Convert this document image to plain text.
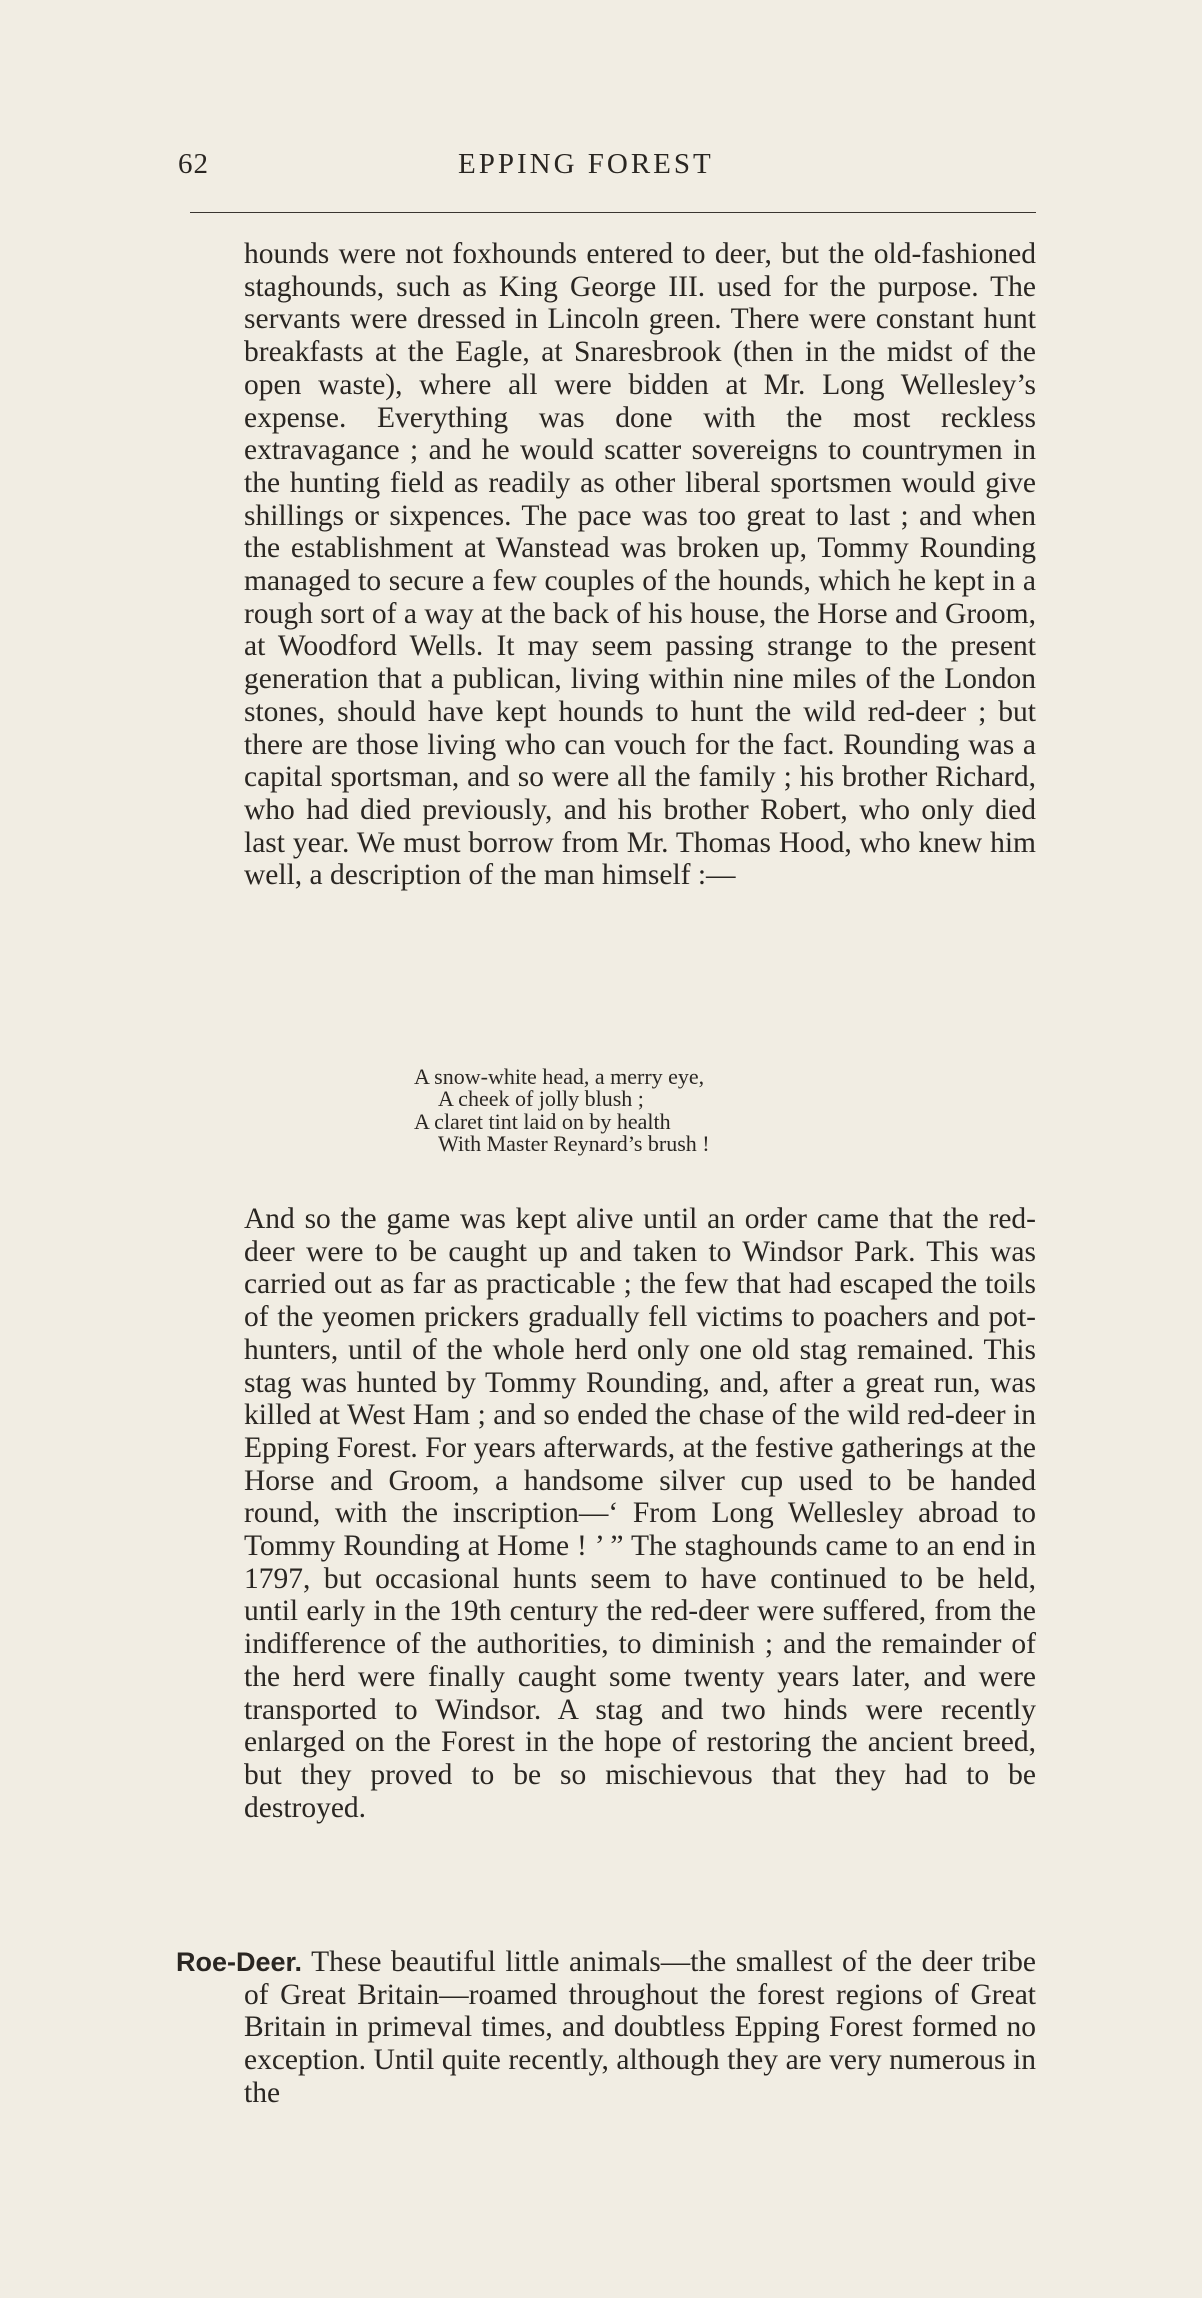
62	EPPING FOREST

hounds were not foxhounds entered to deer, but the old-fashioned staghounds, such as King George III. used for the purpose. The servants were dressed in Lincoln green. There were constant hunt breakfasts at the Eagle, at Snaresbrook (then in the midst of the open waste), where all were bidden at Mr. Long Wellesley’s expense. Everything was done with the most reckless extravagance ; and he would scatter sovereigns to countrymen in the hunting field as readily as other liberal sportsmen would give shillings or sixpences. The pace was too great to last ; and when the establishment at Wanstead was broken up, Tommy Rounding managed to secure a few couples of the hounds, which he kept in a rough sort of a way at the back of his house, the Horse and Groom, at Woodford Wells. It may seem passing strange to the present generation that a publican, living within nine miles of the London stones, should have kept hounds to hunt the wild red-deer ; but there are those living who can vouch for the fact. Rounding was a capital sportsman, and so were all the family ; his brother Richard, who had died previously, and his brother Robert, who only died last year. We must borrow from Mr. Thomas Hood, who knew him well, a description of the man himself :—

A snow-white head, a merry eye,
A cheek of jolly blush ;
A claret tint laid on by health
With Master Reynard’s brush !

And so the game was kept alive until an order came that the red-deer were to be caught up and taken to Windsor Park. This was carried out as far as practicable ; the few that had escaped the toils of the yeomen prickers gradually fell victims to poachers and pot-hunters, until of the whole herd only one old stag remained. This stag was hunted by Tommy Rounding, and, after a great run, was killed at West Ham ; and so ended the chase of the wild red-deer in Epping Forest. For years afterwards, at the festive gatherings at the Horse and Groom, a handsome silver cup used to be handed round, with the inscription—‘ From Long Wellesley abroad to Tommy Rounding at Home ! ’ ” The staghounds came to an end in 1797, but occasional hunts seem to have continued to be held, until early in the 19th century the red-deer were suffered, from the indifference of the authorities, to diminish ; and the remainder of the herd were finally caught some twenty years later, and were transported to Windsor. A stag and two hinds were recently enlarged on the Forest in the hope of restoring the ancient breed, but they proved to be so mischievous that they had to be destroyed.

Roe-Deer. These beautiful little animals—the smallest of the deer tribe of Great Britain—roamed throughout the forest regions of Great Britain in primeval times, and doubtless Epping Forest formed no exception. Until quite recently, although they are very numerous in the
